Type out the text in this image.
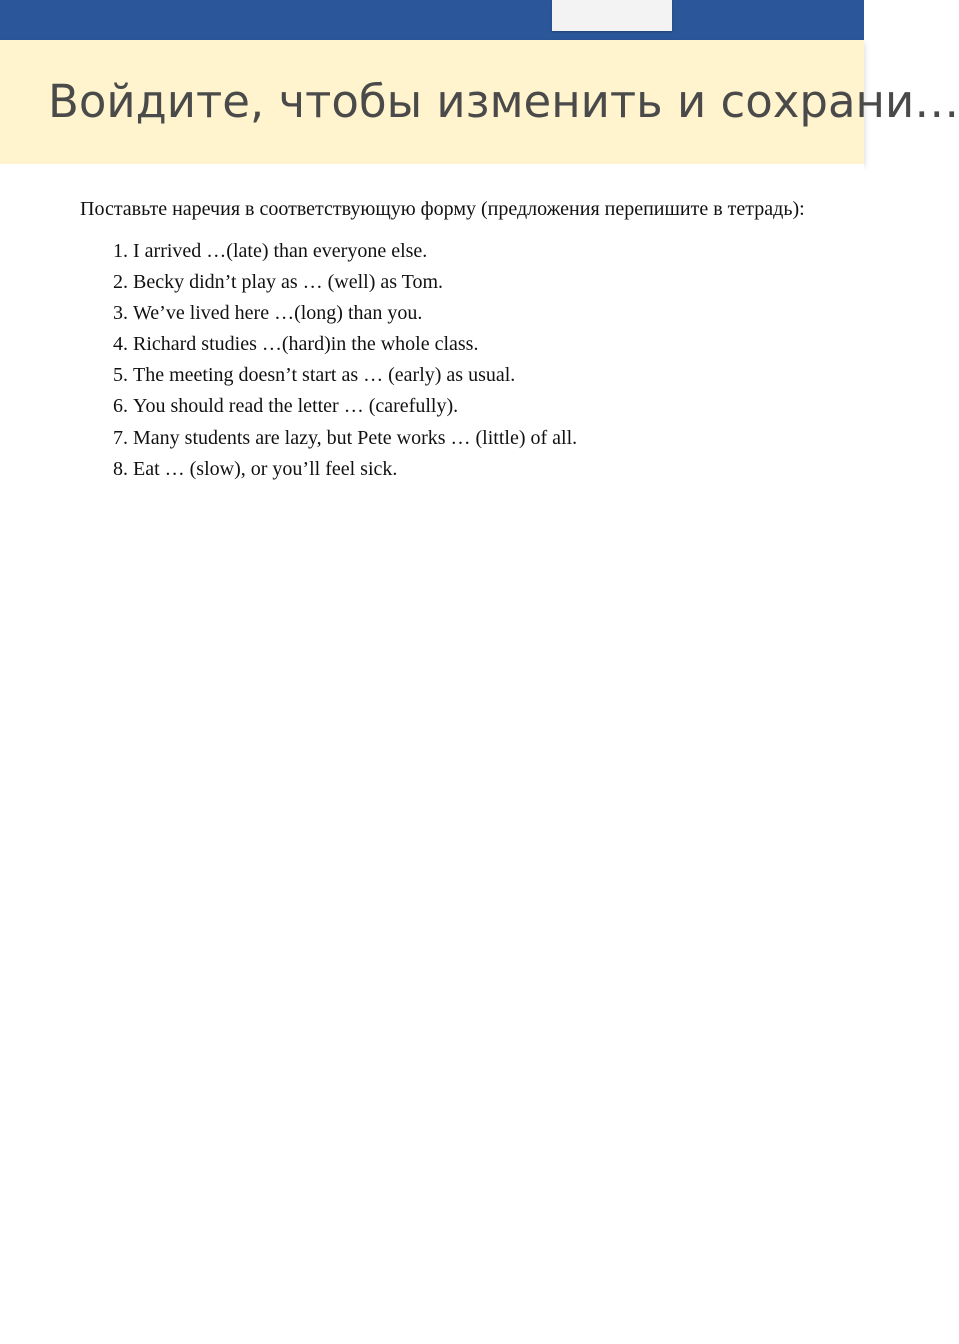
Войдите, чтобы изменить и сохрани…
Поставьте наречия в соответствующую форму (предложения перепишите в тетрадь):
1. I arrived …(late) than everyone else.
2. Becky didn’t play as … (well) as Tom.
3. We’ve lived here …(long) than you.
4. Richard studies …(hard)in the whole class.
5. The meeting doesn’t start as … (early) as usual.
6. You should read the letter … (carefully).
7. Many students are lazy, but Pete works … (little) of all.
8. Eat … (slow), or you’ll feel sick.
